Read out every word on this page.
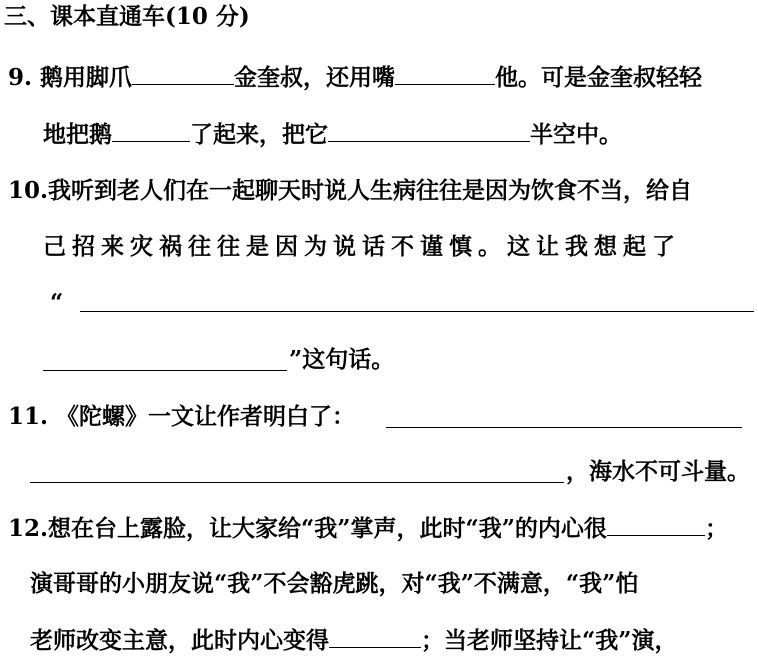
三、课本直通车(10 分)
9. 鹅用脚爪	金奎叔，还用嘴	他。可是金奎叔轻轻
地把鹅	了起来，把它	半空中。
10.我听到老人们在一起聊天时说人生病往往是因为饮食不当，给自
己招来灾祸往往是因为说话不谨慎。这让我想起了
“
”这句话。
11. 《陀螺》一文让作者明白了：
，海水不可斗量。
12.想在台上露脸，让大家给“我”掌声，此时“我”的内心很	；
演哥哥的小朋友说“我”不会豁虎跳，对“我”不满意，“我”怕
老师改变主意，此时内心变得	；当老师坚持让“我”演，
